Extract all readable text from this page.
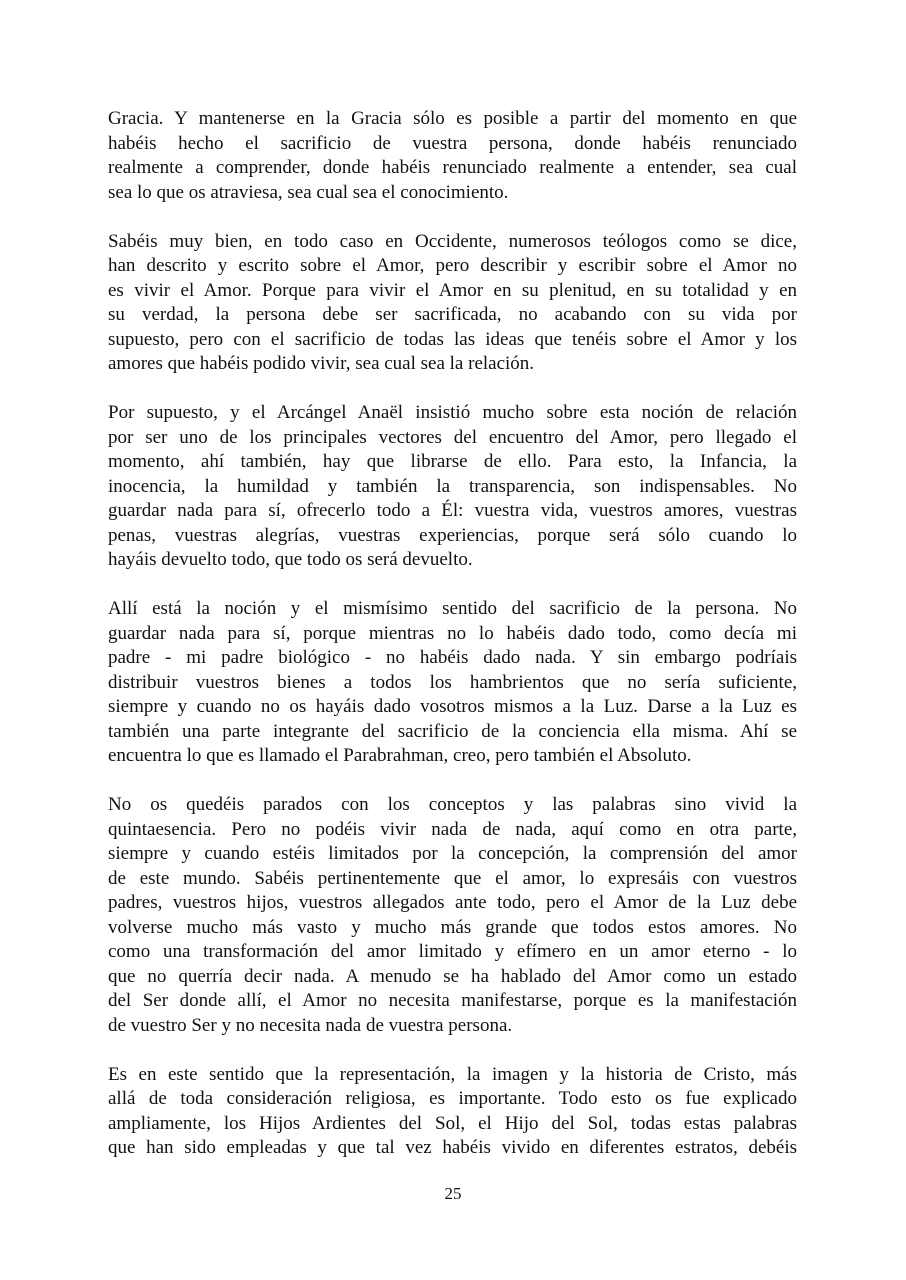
Gracia. Y mantenerse en la Gracia sólo es posible a partir del momento en que
habéis hecho el sacrificio de vuestra persona, donde habéis renunciado
realmente a comprender, donde habéis renunciado realmente a entender, sea cual
sea lo que os atraviesa, sea cual sea el conocimiento.

Sabéis muy bien, en todo caso en Occidente, numerosos teólogos como se dice,
han descrito y escrito sobre el Amor, pero describir y escribir sobre el Amor no
es vivir el Amor. Porque para vivir el Amor en su plenitud, en su totalidad y en
su verdad, la persona debe ser sacrificada, no acabando con su vida por
supuesto, pero con el sacrificio de todas las ideas que tenéis sobre el Amor y los
amores que habéis podido vivir, sea cual sea la relación.

Por supuesto, y el Arcángel Anaël insistió mucho sobre esta noción de relación
por ser uno de los principales vectores del encuentro del Amor, pero llegado el
momento, ahí también, hay que librarse de ello. Para esto, la Infancia, la
inocencia, la humildad y también la transparencia, son indispensables. No
guardar nada para sí, ofrecerlo todo a Él: vuestra vida, vuestros amores, vuestras
penas, vuestras alegrías, vuestras experiencias, porque será sólo cuando lo
hayáis devuelto todo, que todo os será devuelto.

Allí está la noción y el mismísimo sentido del sacrificio de la persona. No
guardar nada para sí, porque mientras no lo habéis dado todo, como decía mi
padre - mi padre biológico - no habéis dado nada. Y sin embargo podríais
distribuir vuestros bienes a todos los hambrientos que no sería suficiente,
siempre y cuando no os hayáis dado vosotros mismos a la Luz. Darse a la Luz es
también una parte integrante del sacrificio de la conciencia ella misma. Ahí se
encuentra lo que es llamado el Parabrahman, creo, pero también el Absoluto.

No os quedéis parados con los conceptos y las palabras sino vivid la
quintaesencia. Pero no podéis vivir nada de nada, aquí como en otra parte,
siempre y cuando estéis limitados por la concepción, la comprensión del amor
de este mundo. Sabéis pertinentemente que el amor, lo expresáis con vuestros
padres, vuestros hijos, vuestros allegados ante todo, pero el Amor de la Luz debe
volverse mucho más vasto y mucho más grande que todos estos amores. No
como una transformación del amor limitado y efímero en un amor eterno - lo
que no querría decir nada. A menudo se ha hablado del Amor como un estado
del Ser donde allí, el Amor no necesita manifestarse, porque es la manifestación
de vuestro Ser y no necesita nada de vuestra persona.

Es en este sentido que la representación, la imagen y la historia de Cristo, más
allá de toda consideración religiosa, es importante. Todo esto os fue explicado
ampliamente, los Hijos Ardientes del Sol, el Hijo del Sol, todas estas palabras
que han sido empleadas y que tal vez habéis vivido en diferentes estratos, debéis

25
